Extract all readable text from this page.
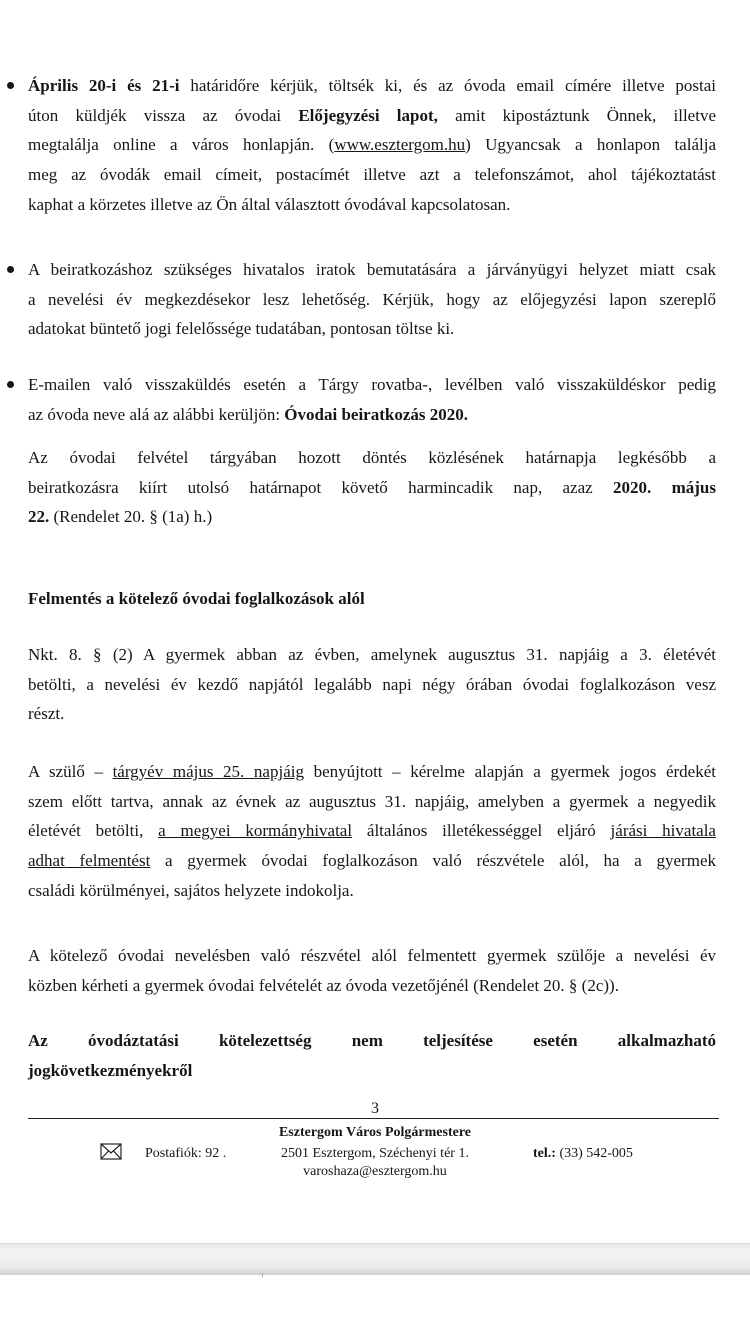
Április 20-i és 21-i határidőre kérjük, töltsék ki, és az óvoda email címére illetve postai
úton küldjék vissza az óvodai Előjegyzési lapot, amit kipostáztunk Önnek, illetve
megtalálja online a város honlapján. (www.esztergom.hu) Ugyancsak a honlapon találja
meg az óvodák email címeit, postacímét illetve azt a telefonszámot, ahol tájékoztatást
kaphat a körzetes illetve az Ön által választott óvodával kapcsolatosan.
A beiratkozáshoz szükséges hivatalos iratok bemutatására a járványügyi helyzet miatt csak
a nevelési év megkezdésekor lesz lehetőség. Kérjük, hogy az előjegyzési lapon szereplő
adatokat büntető jogi felelőssége tudatában, pontosan töltse ki.
E-mailen való visszaküldés esetén a Tárgy rovatba-, levélben való visszaküldéskor pedig
az óvoda neve alá az alábbi kerüljön: Óvodai beiratkozás 2020.
Az óvodai felvétel tárgyában hozott döntés közlésének határnapja legkésőbb a
beiratkozásra kiírt utolsó határnapot követő harmincadik nap, azaz 2020. május
22. (Rendelet 20. § (1a) h.)
Felmentés a kötelező óvodai foglalkozások alól
Nkt. 8. § (2) A gyermek abban az évben, amelynek augusztus 31. napjáig a 3. életévét
betölti, a nevelési év kezdő napjától legalább napi négy órában óvodai foglalkozáson vesz
részt.
A szülő – tárgyév május 25. napjáig benyújtott – kérelme alapján a gyermek jogos érdekét
szem előtt tartva, annak az évnek az augusztus 31. napjáig, amelyben a gyermek a negyedik
életévét betölti, a megyei kormányhivatal általános illetékességgel eljáró járási hivatala
adhat felmentést a gyermek óvodai foglalkozáson való részvétele alól, ha a gyermek
családi körülményei, sajátos helyzete indokolja.
A kötelező óvodai nevelésben való részvétel alól felmentett gyermek szülője a nevelési év
közben kérheti a gyermek óvodai felvételét az óvoda vezetőjénél (Rendelet 20. § (2c)).
Az óvodáztatási kötelezettség nem teljesítése esetén alkalmazható
jogkövetkezményekről
3
Esztergom Város Polgármestere
Postafiók: 92 .	2501 Esztergom, Széchenyi tér 1.	tel.: (33) 542-005
varoshaza@esztergom.hu
